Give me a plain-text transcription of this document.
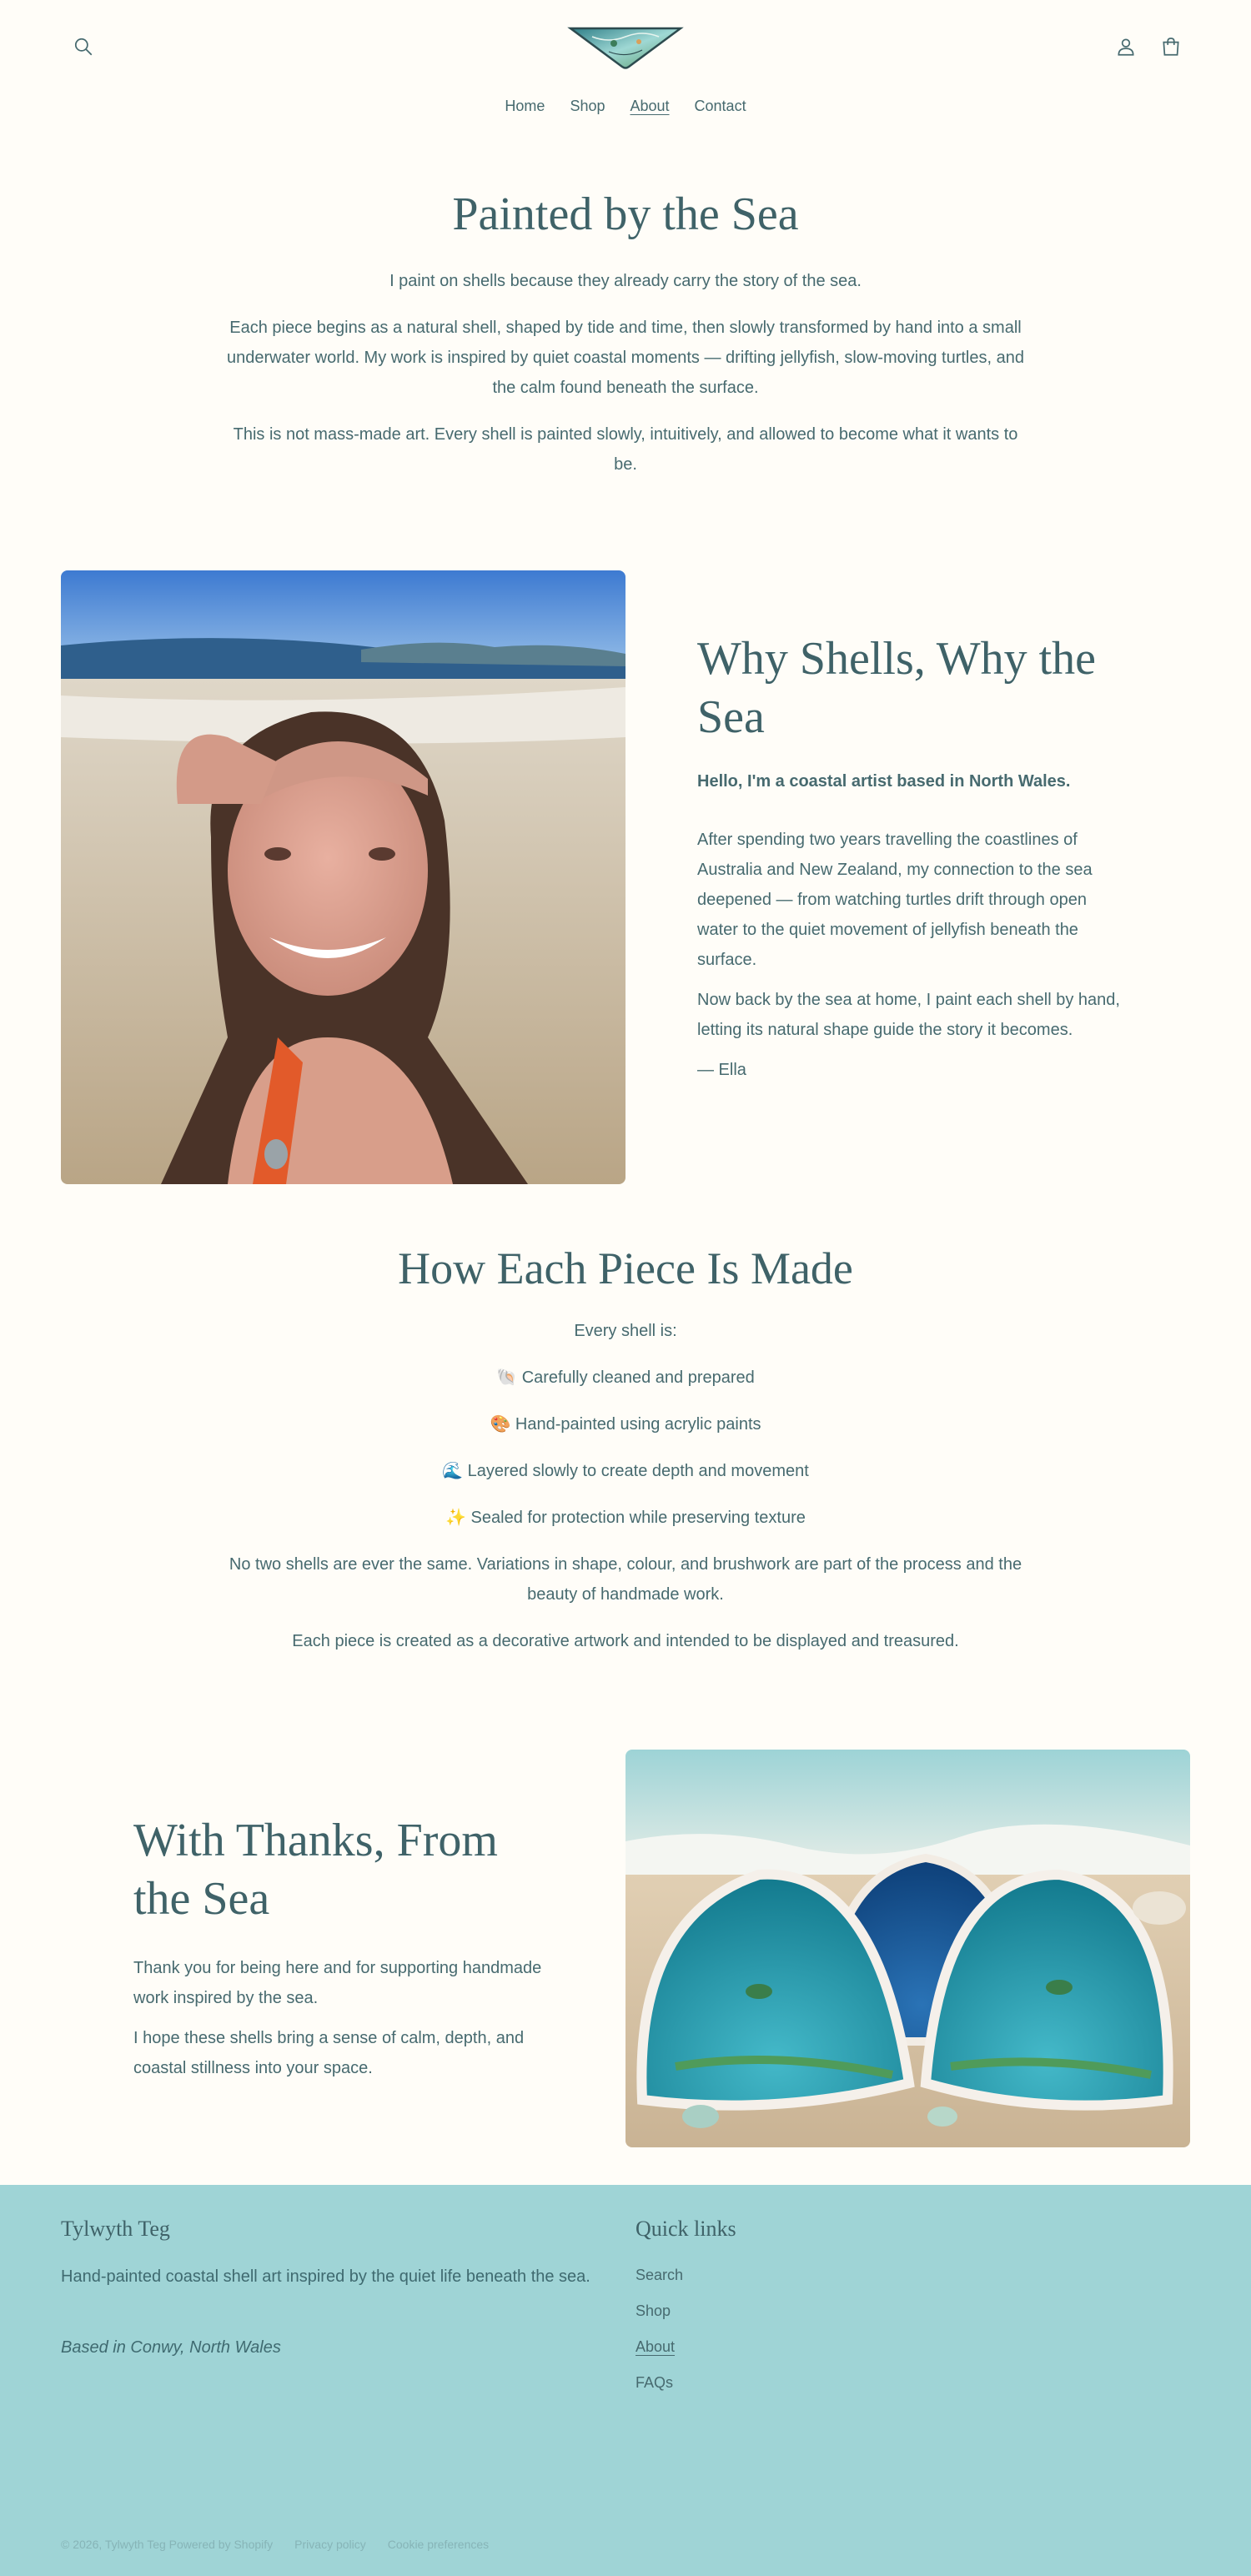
Home Shop About Contact
Painted by the Sea

I paint on shells because they already carry the story of the sea.

Each piece begins as a natural shell, shaped by tide and time, then slowly transformed by hand into a small underwater world. My work is inspired by quiet coastal moments — drifting jellyfish, slow-moving turtles, and the calm found beneath the surface.

This is not mass-made art. Every shell is painted slowly, intuitively, and allowed to become what it wants to be.

Why Shells, Why the Sea

Hello, I'm a coastal artist based in North Wales.

After spending two years travelling the coastlines of Australia and New Zealand, my connection to the sea deepened — from watching turtles drift through open water to the quiet movement of jellyfish beneath the surface.

Now back by the sea at home, I paint each shell by hand, letting its natural shape guide the story it becomes.

— Ella

How Each Piece Is Made

Every shell is:

🐚 Carefully cleaned and prepared

🎨 Hand-painted using acrylic paints

🌊 Layered slowly to create depth and movement

✨ Sealed for protection while preserving texture

No two shells are ever the same. Variations in shape, colour, and brushwork are part of the process and the beauty of handmade work.

Each piece is created as a decorative artwork and intended to be displayed and treasured.

With Thanks, From the Sea

Thank you for being here and for supporting handmade work inspired by the sea.

I hope these shells bring a sense of calm, depth, and coastal stillness into your space.

Tylwyth Teg
Hand-painted coastal shell art inspired by the quiet life beneath the sea.
Based in Conwy, North Wales
Quick links
Search
Shop
About
FAQs
© 2026, Tylwyth Teg Powered by Shopify Privacy policy Cookie preferences
